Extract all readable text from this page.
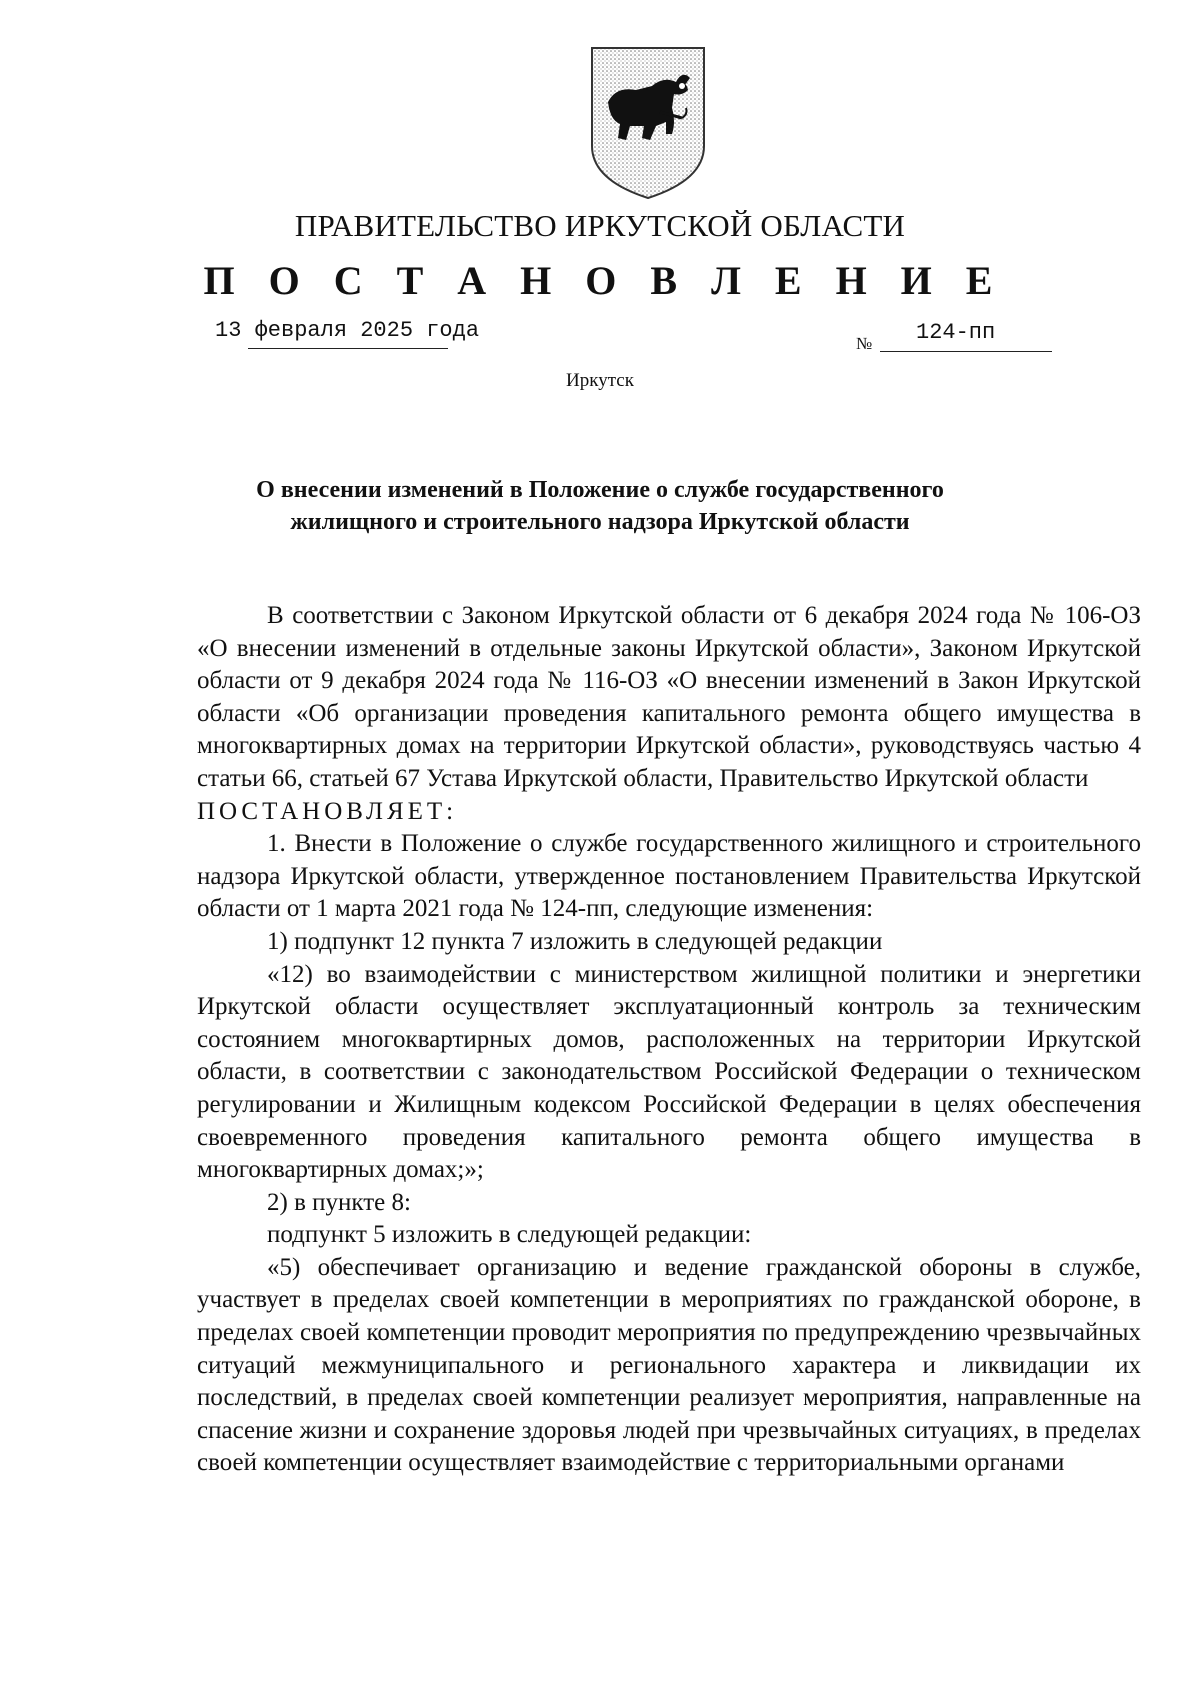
ПРАВИТЕЛЬСТВО ИРКУТСКОЙ ОБЛАСТИ
П О С Т А Н О В Л Е Н И Е
13 февраля 2025 года
№ 124-пп
Иркутск
О внесении изменений в Положение о службе государственного
жилищного и строительного надзора Иркутской области

В соответствии с Законом Иркутской области от 6 декабря 2024 года № 106-ОЗ «О внесении изменений в отдельные законы Иркутской области», Законом Иркутской области от 9 декабря 2024 года № 116-ОЗ «О внесении изменений в Закон Иркутской области «Об организации проведения капитального ремонта общего имущества в многоквартирных домах на территории Иркутской области», руководствуясь частью 4 статьи 66, статьей 67 Устава Иркутской области, Правительство Иркутской области

ПОСТАНОВЛЯЕТ:

1. Внести в Положение о службе государственного жилищного и строительного надзора Иркутской области, утвержденное постановлением Правительства Иркутской области от 1 марта 2021 года № 124-пп, следующие изменения:

1) подпункт 12 пункта 7 изложить в следующей редакции

«12) во взаимодействии с министерством жилищной политики и энергетики Иркутской области осуществляет эксплуатационный контроль за техническим состоянием многоквартирных домов, расположенных на территории Иркутской области, в соответствии с законодательством Российской Федерации о техническом регулировании и Жилищным кодексом Российской Федерации в целях обеспечения своевременного проведения капитального ремонта общего имущества в многоквартирных домах;»;

2) в пункте 8:

подпункт 5 изложить в следующей редакции:

«5) обеспечивает организацию и ведение гражданской обороны в службе, участвует в пределах своей компетенции в мероприятиях по гражданской обороне, в пределах своей компетенции проводит мероприятия по предупреждению чрезвычайных ситуаций межмуниципального и регионального характера и ликвидации их последствий, в пределах своей компетенции реализует мероприятия, направленные на спасение жизни и сохранение здоровья людей при чрезвычайных ситуациях, в пределах своей компетенции осуществляет взаимодействие с территориальными органами
